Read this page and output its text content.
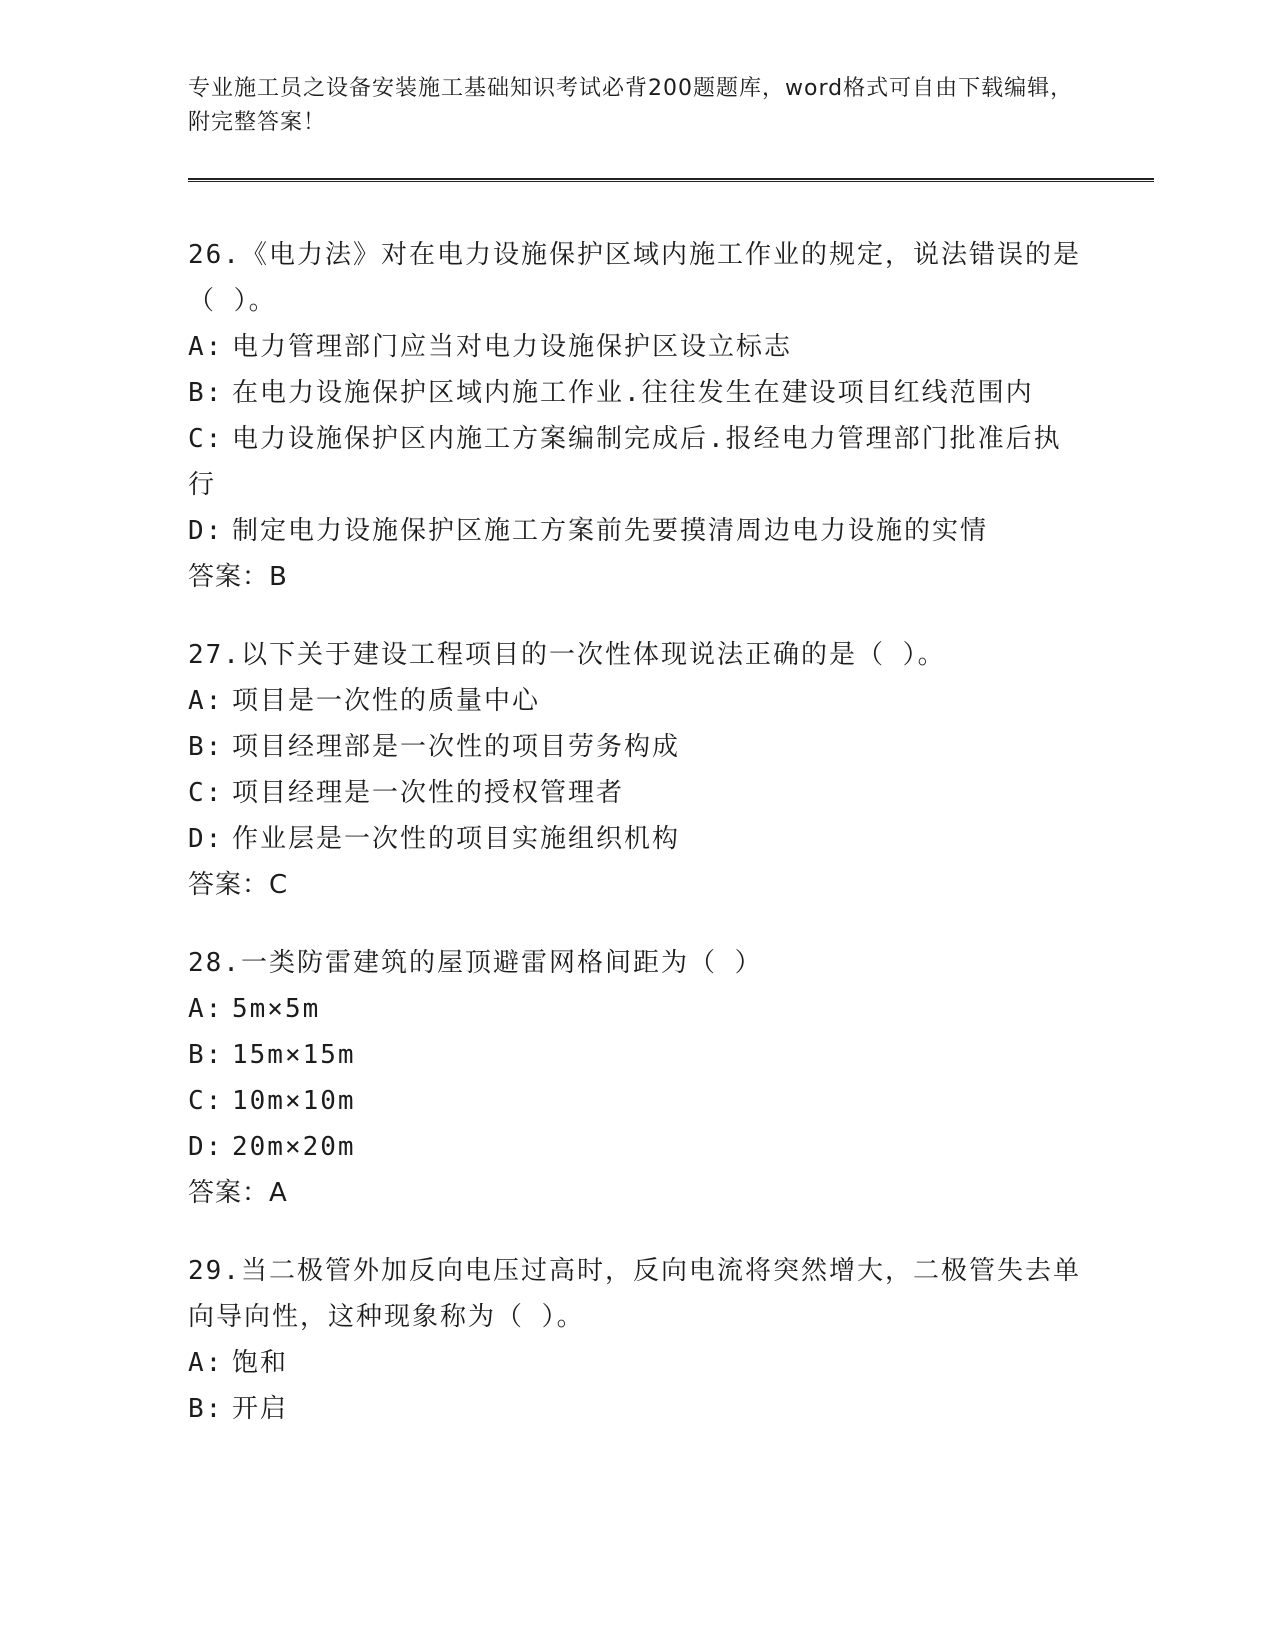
专业施工员之设备安装施工基础知识考试必背200题题库，word格式可自由下载编辑，附完整答案！
26.《电力法》对在电力设施保护区域内施工作业的规定，说法错误的是（ ）。
A: 电力管理部门应当对电力设施保护区设立标志
B: 在电力设施保护区域内施工作业.往往发生在建设项目红线范围内
C: 电力设施保护区内施工方案编制完成后.报经电力管理部门批准后执行
D: 制定电力设施保护区施工方案前先要摸清周边电力设施的实情
答案：B
27.以下关于建设工程项目的一次性体现说法正确的是（ ）。
A: 项目是一次性的质量中心
B: 项目经理部是一次性的项目劳务构成
C: 项目经理是一次性的授权管理者
D: 作业层是一次性的项目实施组织机构
答案：C
28.一类防雷建筑的屋顶避雷网格间距为（ ）
A: 5m×5m
B: 15m×15m
C: 10m×10m
D: 20m×20m
答案：A
29.当二极管外加反向电压过高时，反向电流将突然增大，二极管失去单向导向性，这种现象称为（ ）。
A: 饱和
B: 开启
